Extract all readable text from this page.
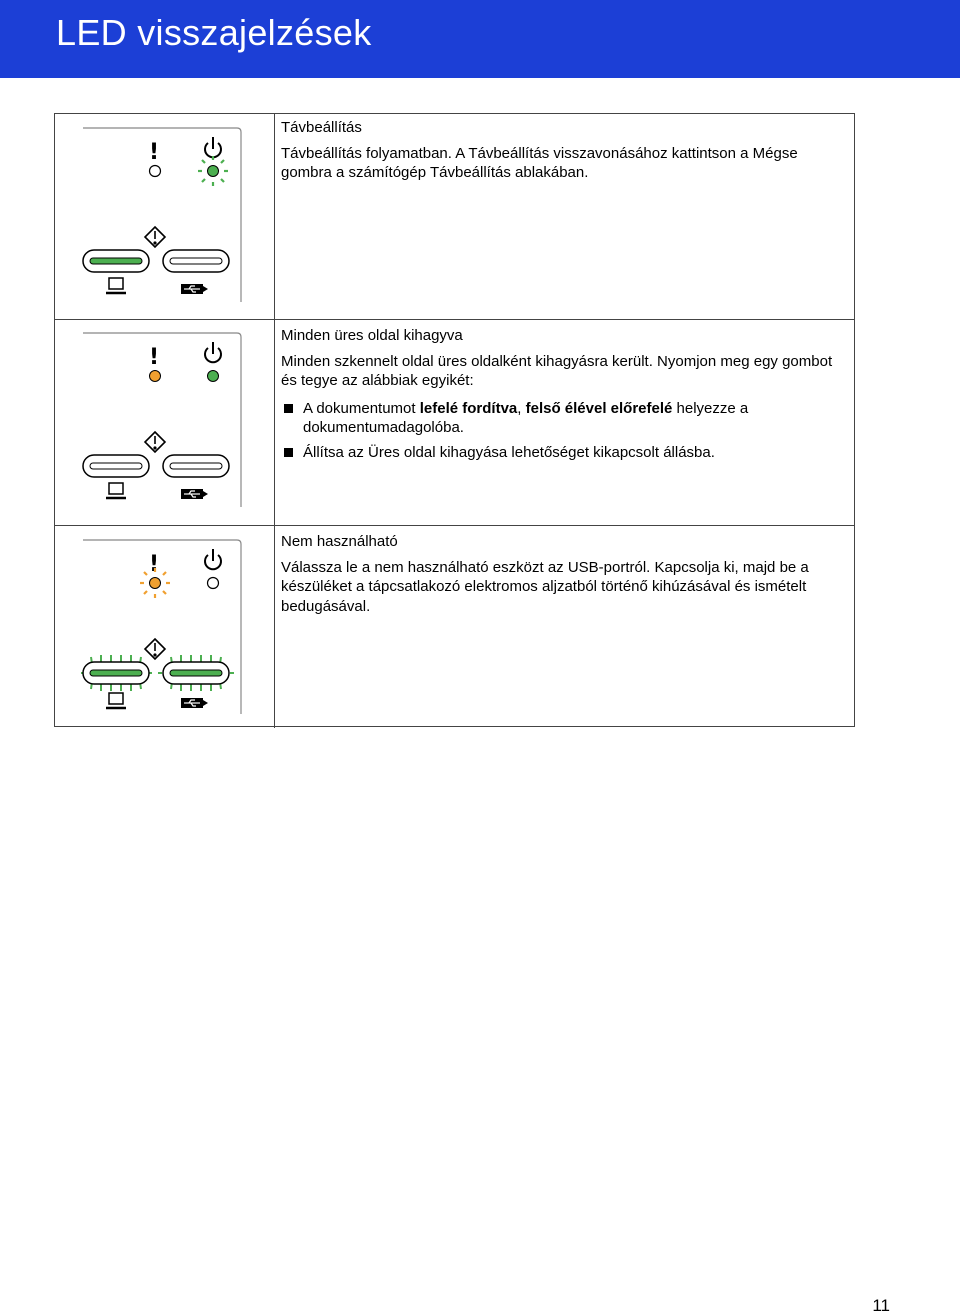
LED visszajelzések
!
Távbeállítás

Távbeállítás folyamatban. A Távbeállítás visszavonásához kattintson a Mégse gombra a számítógép Távbeállítás ablakában.

!
Minden üres oldal kihagyva

Minden szkennelt oldal üres oldalként kihagyásra került. Nyomjon meg egy gombot és tegye az alábbiak egyikét:

A dokumentumot lefelé fordítva, felső élével előrefelé helyezze a dokumentumadagolóba.
Állítsa az Üres oldal kihagyása lehetőséget kikapcsolt állásba.
!
Nem használható

Válassza le a nem használható eszközt az USB-portról. Kapcsolja ki, majd be a készüléket a tápcsatlakozó elektromos aljzatból történő kihúzásával és ismételt bedugásával.

11
